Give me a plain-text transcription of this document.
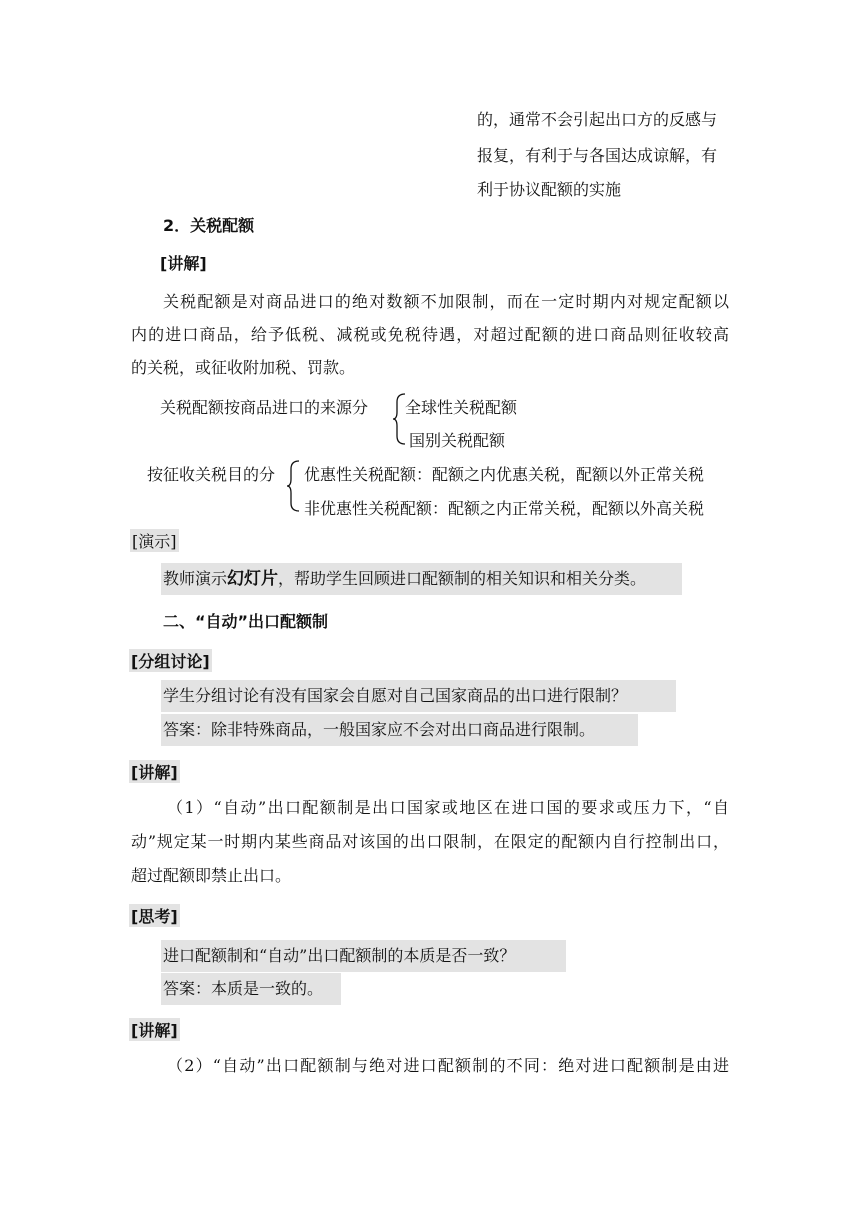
的，通常不会引起出口方的反感与
报复，有利于与各国达成谅解，有
利于协议配额的实施
2．关税配额
[讲解]
关税配额是对商品进口的绝对数额不加限制，而在一定时期内对规定配额以
内的进口商品，给予低税、减税或免税待遇，对超过配额的进口商品则征收较高
的关税，或征收附加税、罚款。
关税配额按商品进口的来源分 全球性关税配额
国别关税配额
按征收关税目的分 优惠性关税配额：配额之内优惠关税，配额以外正常关税
非优惠性关税配额：配额之内正常关税，配额以外高关税
[演示]
教师演示幻灯片，帮助学生回顾进口配额制的相关知识和相关分类。
二、“自动”出口配额制
[分组讨论]
学生分组讨论有没有国家会自愿对自己国家商品的出口进行限制？
答案：除非特殊商品，一般国家应不会对出口商品进行限制。
[讲解]
（1）“自动”出口配额制是出口国家或地区在进口国的要求或压力下，“自
动”规定某一时期内某些商品对该国的出口限制，在限定的配额内自行控制出口，
超过配额即禁止出口。
[思考]
进口配额制和“自动”出口配额制的本质是否一致？
答案：本质是一致的。
[讲解]
（2）“自动”出口配额制与绝对进口配额制的不同：绝对进口配额制是由进
